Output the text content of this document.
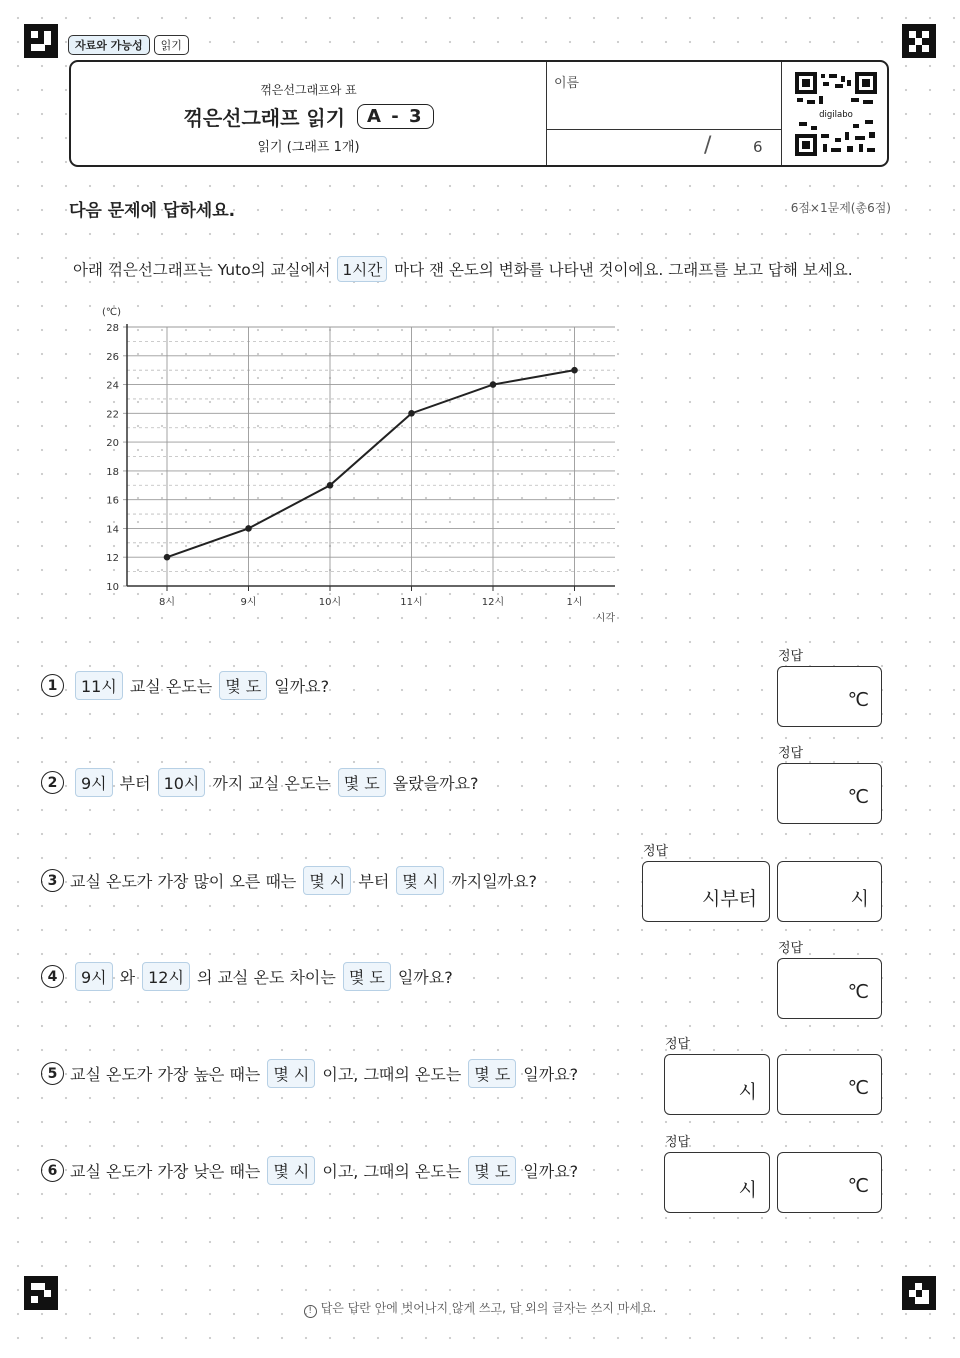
자료와 가능성	읽기
꺾은선그래프와 표
꺾은선그래프 읽기	A - 3
읽기 (그래프 1개)
이름
/	6
digilabo
다음 문제에 답하세요.	6점×1문제(총6점)
아래 꺾은선그래프는 Yuto의 교실에서 1시간 마다 잰 온도의 변화를 나타낸 것이에요. 그래프를 보고 답해 보세요.
10
12
14
16
18
20
22
24
26
28
8시	9시	10시	11시	12시	1시
(℃)
시각
1	11시 교실 온도는 몇 도 일까요?
2	9시 부터 10시 까지 교실 온도는 몇 도 올랐을까요?
3 교실 온도가 가장 많이 오른 때는 몇 시 부터 몇 시 까지일까요?
4	9시 와 12시 의 교실 온도 차이는 몇 도 일까요?
5 교실 온도가 가장 높은 때는 몇 시 이고, 그때의 온도는 몇 도 일까요?
6 교실 온도가 가장 낮은 때는 몇 시 이고, 그때의 온도는 몇 도 일까요?
정답
℃
정답
℃
정답
시부터	시
정답
℃
정답
시	℃
정답
시	℃
! 답은 답란 안에 벗어나지 않게 쓰고, 답 외의 글자는 쓰지 마세요.
